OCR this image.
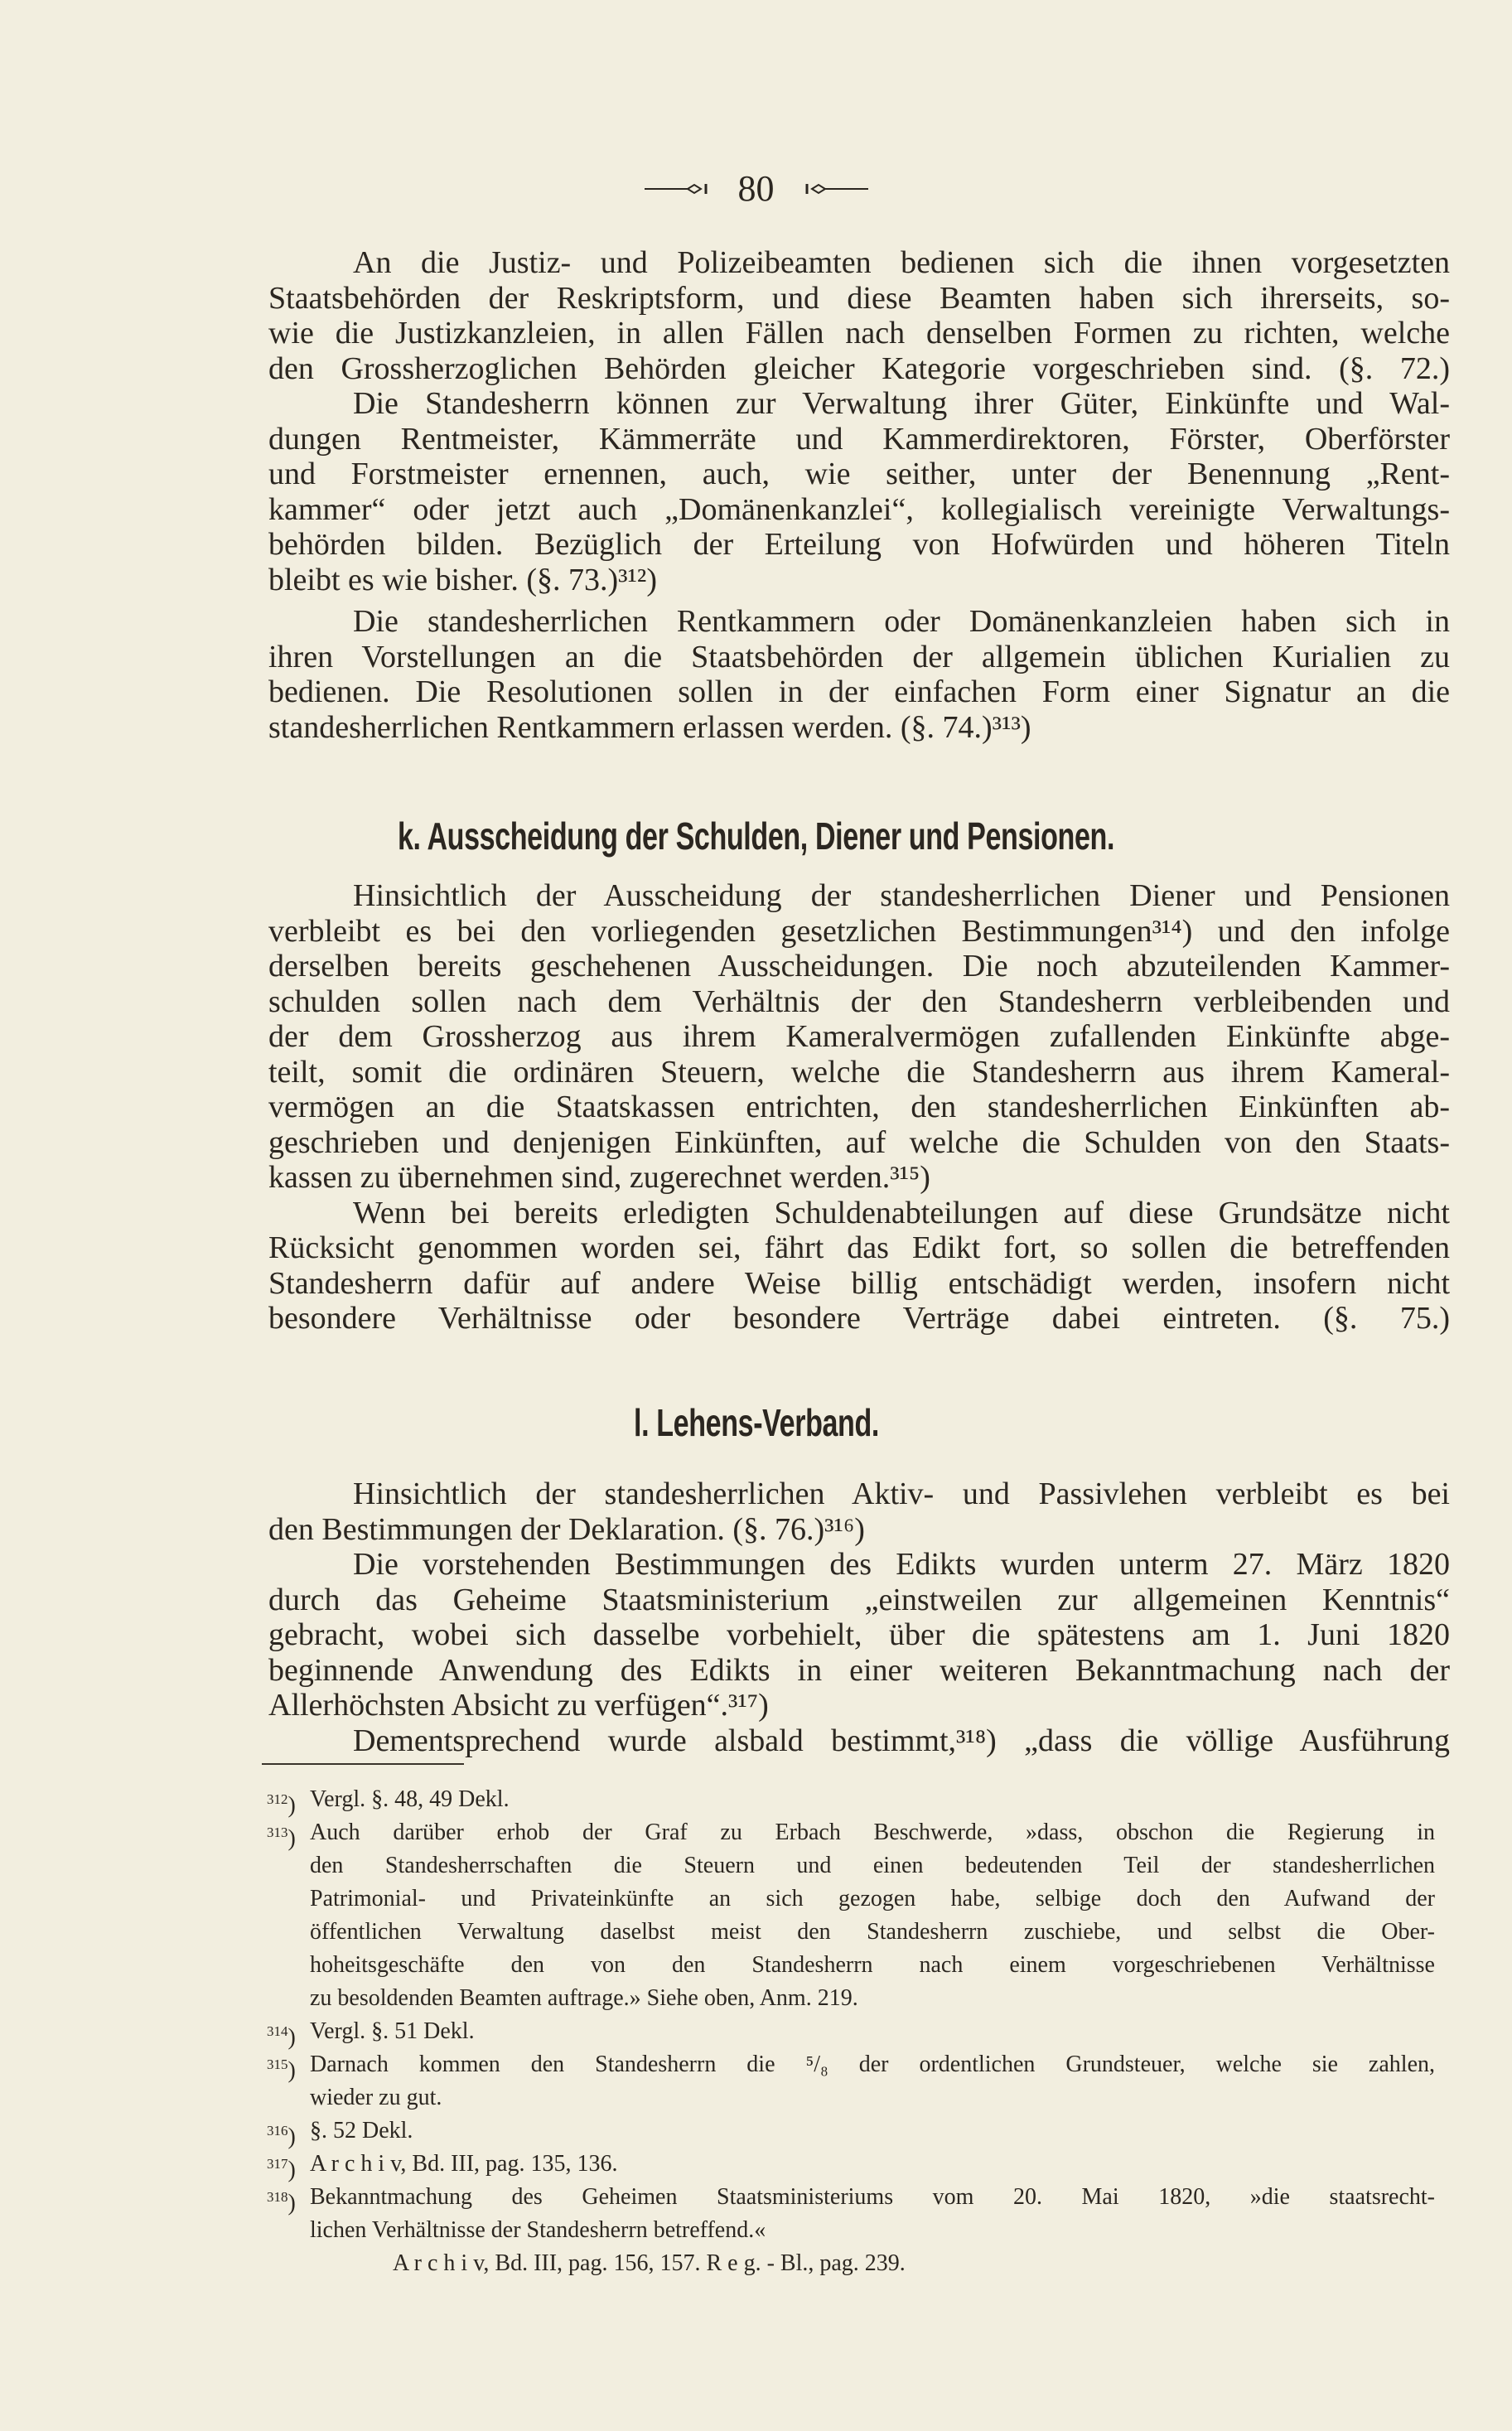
80
An die Justiz- und Polizeibeamten bedienen sich die ihnen vorgesetzten
Staatsbehörden der Reskriptsform, und diese Beamten haben sich ihrerseits, so-
wie die Justizkanzleien, in allen Fällen nach denselben Formen zu richten, welche
den Grossherzoglichen Behörden gleicher Kategorie vorgeschrieben sind. (§. 72.)
Die Standesherrn können zur Verwaltung ihrer Güter, Einkünfte und Wal-
dungen Rentmeister, Kämmerräte und Kammerdirektoren, Förster, Oberförster
und Forstmeister ernennen, auch, wie seither, unter der Benennung „Rent-
kammer“ oder jetzt auch „Domänenkanzlei“, kollegialisch vereinigte Verwaltungs-
behörden bilden. Bezüglich der Erteilung von Hofwürden und höheren Titeln
bleibt es wie bisher. (§. 73.)³¹²)
Die standesherrlichen Rentkammern oder Domänenkanzleien haben sich in
ihren Vorstellungen an die Staatsbehörden der allgemein üblichen Kurialien zu
bedienen. Die Resolutionen sollen in der einfachen Form einer Signatur an die
standesherrlichen Rentkammern erlassen werden. (§. 74.)³¹³)
k. Ausscheidung der Schulden, Diener und Pensionen.
Hinsichtlich der Ausscheidung der standesherrlichen Diener und Pensionen
verbleibt es bei den vorliegenden gesetzlichen Bestimmungen³¹⁴) und den infolge
derselben bereits geschehenen Ausscheidungen. Die noch abzuteilenden Kammer-
schulden sollen nach dem Verhältnis der den Standesherrn verbleibenden und
der dem Grossherzog aus ihrem Kameralvermögen zufallenden Einkünfte abge-
teilt, somit die ordinären Steuern, welche die Standesherrn aus ihrem Kameral-
vermögen an die Staatskassen entrichten, den standesherrlichen Einkünften ab-
geschrieben und denjenigen Einkünften, auf welche die Schulden von den Staats-
kassen zu übernehmen sind, zugerechnet werden.³¹⁵)
Wenn bei bereits erledigten Schuldenabteilungen auf diese Grundsätze nicht
Rücksicht genommen worden sei, fährt das Edikt fort, so sollen die betreffenden
Standesherrn dafür auf andere Weise billig entschädigt werden, insofern nicht
besondere Verhältnisse oder besondere Verträge dabei eintreten. (§. 75.)
l. Lehens-Verband.
Hinsichtlich der standesherrlichen Aktiv- und Passivlehen verbleibt es bei
den Bestimmungen der Deklaration. (§. 76.)³¹⁶)
Die vorstehenden Bestimmungen des Edikts wurden unterm 27. März 1820
durch das Geheime Staatsministerium „einstweilen zur allgemeinen Kenntnis“
gebracht, wobei sich dasselbe vorbehielt, über die spätestens am 1. Juni 1820
beginnende Anwendung des Edikts in einer weiteren Bekanntmachung nach der
Allerhöchsten Absicht zu verfügen“.³¹⁷)
Dementsprechend wurde alsbald bestimmt,³¹⁸) „dass die völlige Ausführung
$^{312}$) Vergl. §. 48, 49 Dekl.
$^{313}$) Auch darüber erhob der Graf zu Erbach Beschwerde, »dass, obschon die Regierung in
den Standesherrschaften die Steuern und einen bedeutenden Teil der standesherrlichen
Patrimonial- und Privateinkünfte an sich gezogen habe, selbige doch den Aufwand der
öffentlichen Verwaltung daselbst meist den Standesherrn zuschiebe, und selbst die Ober-
hoheitsgeschäfte den von den Standesherrn nach einem vorgeschriebenen Verhältnisse
zu besoldenden Beamten auftrage.» Siehe oben, Anm. 219.
$^{314}$) Vergl. §. 51 Dekl.
$^{315}$) Darnach kommen den Standesherrn die ⁵/₈ der ordentlichen Grundsteuer, welche sie zahlen,
wieder zu gut.
$^{316}$) §. 52 Dekl.
$^{317}$) A r c h i v, Bd. III, pag. 135, 136.
$^{318}$) Bekanntmachung des Geheimen Staatsministeriums vom 20. Mai 1820, »die staatsrecht-
lichen Verhältnisse der Standesherrn betreffend.«
A r c h i v, Bd. III, pag. 156, 157. R e g. - Bl., pag. 239.
